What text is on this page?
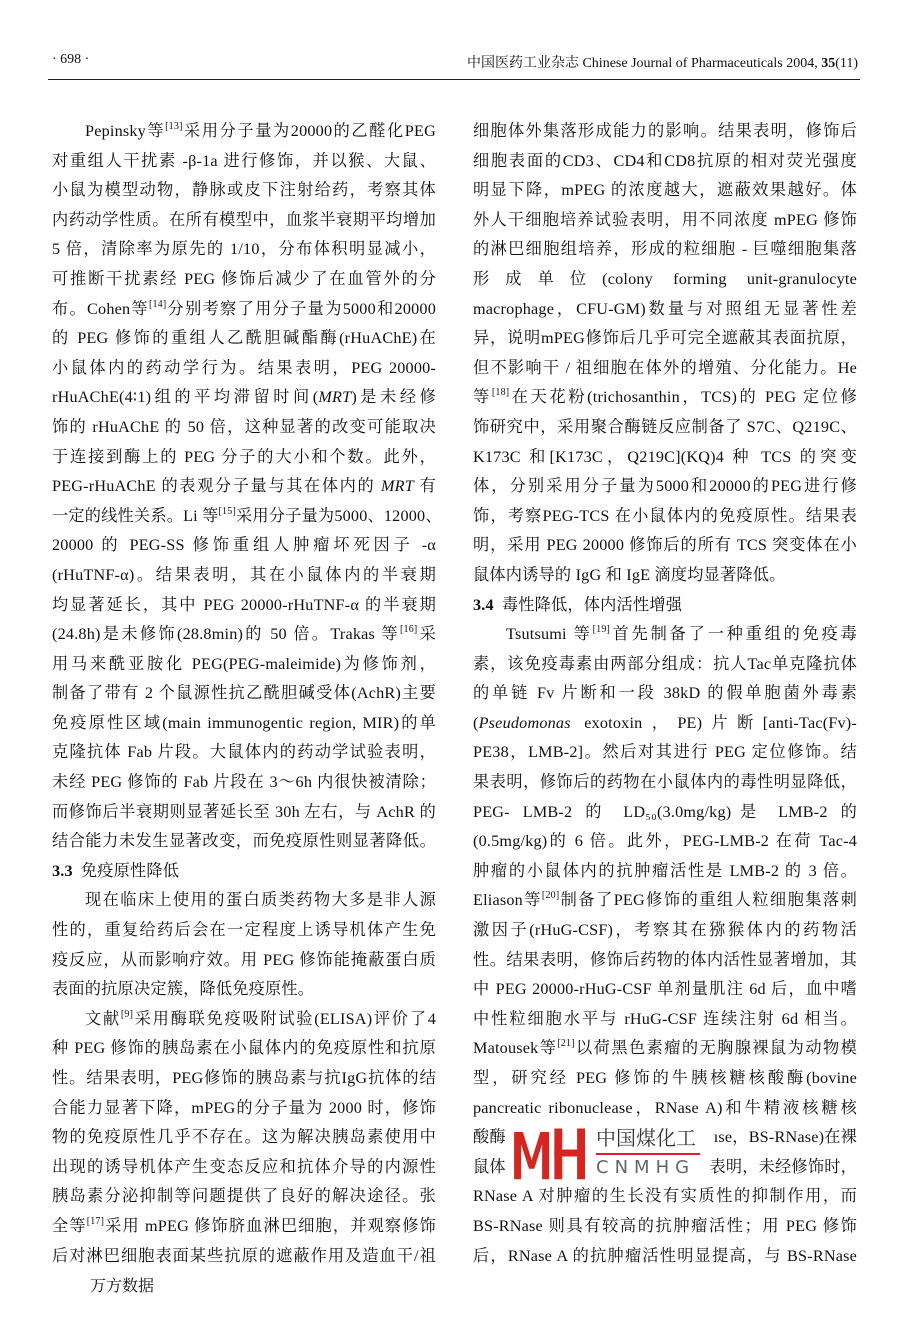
· 698 ·	中国医药工业杂志 Chinese Journal of Pharmaceuticals 2004, 35(11)
Pepinsky等[13]采用分子量为20000的乙醛化PEG
对重组人干扰素 -β-1a 进行修饰，并以猴、大鼠、
小鼠为模型动物，静脉或皮下注射给药，考察其体
内药动学性质。在所有模型中，血浆半衰期平均增加
5 倍，清除率为原先的 1/10，分布体积明显减小，
可推断干扰素经 PEG 修饰后减少了在血管外的分
布。Cohen等[14]分别考察了用分子量为5000和20000
的 PEG 修饰的重组人乙酰胆碱酯酶(rHuAChE)在
小鼠体内的药动学行为。结果表明，PEG 20000-
rHuAChE(4∶1)组的平均滞留时间(MRT)是未经修
饰的 rHuAChE 的 50 倍，这种显著的改变可能取决
于连接到酶上的 PEG 分子的大小和个数。此外，
PEG-rHuAChE 的表观分子量与其在体内的 MRT 有
一定的线性关系。Li 等[15]采用分子量为5000、12000、
20000 的 PEG-SS 修饰重组人肿瘤坏死因子 -α
(rHuTNF-α)。结果表明，其在小鼠体内的半衰期
均显著延长，其中 PEG 20000-rHuTNF-α 的半衰期
(24.8h)是未修饰(28.8min)的 50 倍。Trakas 等[16]采
用马来酰亚胺化 PEG(PEG-maleimide)为修饰剂，
制备了带有 2 个鼠源性抗乙酰胆碱受体(AchR)主要
免疫原性区域(main immunogentic region, MIR)的单
克隆抗体 Fab 片段。大鼠体内的药动学试验表明，
未经 PEG 修饰的 Fab 片段在 3～6h 内很快被清除；
而修饰后半衰期则显著延长至 30h 左右，与 AchR 的
结合能力未发生显著改变，而免疫原性则显著降低。
3.3 免疫原性降低
现在临床上使用的蛋白质类药物大多是非人源
性的，重复给药后会在一定程度上诱导机体产生免
疫反应，从而影响疗效。用 PEG 修饰能掩蔽蛋白质
表面的抗原决定簇，降低免疫原性。
文献[9]采用酶联免疫吸附试验(ELISA)评价了4
种 PEG 修饰的胰岛素在小鼠体内的免疫原性和抗原
性。结果表明，PEG修饰的胰岛素与抗IgG抗体的结
合能力显著下降，mPEG的分子量为 2000 时，修饰
物的免疫原性几乎不存在。这为解决胰岛素使用中
出现的诱导机体产生变态反应和抗体介导的内源性
胰岛素分泌抑制等问题提供了良好的解决途径。张
全等[17]采用 mPEG 修饰脐血淋巴细胞，并观察修饰
后对淋巴细胞表面某些抗原的遮蔽作用及造血干/祖
细胞体外集落形成能力的影响。结果表明，修饰后
细胞表面的CD3、CD4和CD8抗原的相对荧光强度
明显下降，mPEG 的浓度越大，遮蔽效果越好。体
外人干细胞培养试验表明，用不同浓度 mPEG 修饰
的淋巴细胞组培养，形成的粒细胞 - 巨噬细胞集落
形成单位(colony forming unit-granulocyte
macrophage，CFU-GM)数量与对照组无显著性差
异，说明mPEG修饰后几乎可完全遮蔽其表面抗原，
但不影响干 / 祖细胞在体外的增殖、分化能力。He
等[18]在天花粉(trichosanthin，TCS)的 PEG 定位修
饰研究中，采用聚合酶链反应制备了 S7C、Q219C、
K173C 和[K173C，Q219C](KQ)4 种 TCS 的突变
体，分别采用分子量为5000和20000的PEG进行修
饰，考察PEG-TCS 在小鼠体内的免疫原性。结果表
明，采用 PEG 20000 修饰后的所有 TCS 突变体在小
鼠体内诱导的 IgG 和 IgE 滴度均显著降低。
3.4 毒性降低，体内活性增强
Tsutsumi 等[19]首先制备了一种重组的免疫毒
素，该免疫毒素由两部分组成：抗人Tac单克隆抗体
的单链 Fv 片断和一段 38kD 的假单胞菌外毒素
(Pseudomonas exotoxin，PE)片断[anti-Tac(Fv)-
PE38，LMB-2]。然后对其进行 PEG 定位修饰。结
果表明，修饰后的药物在小鼠体内的毒性明显降低，
PEG- LMB-2 的 LD₅₀(3.0mg/kg)是 LMB-2 的
(0.5mg/kg)的 6 倍。此外，PEG-LMB-2 在荷 Tac-4
肿瘤的小鼠体内的抗肿瘤活性是 LMB-2 的 3 倍。
Eliason等[20]制备了PEG修饰的重组人粒细胞集落刺
激因子(rHuG-CSF)，考察其在猕猴体内的药物活
性。结果表明，修饰后药物的体内活性显著增加，其
中 PEG 20000-rHuG-CSF 单剂量肌注 6d 后，血中嗜
中性粒细胞水平与 rHuG-CSF 连续注射 6d 相当。
Matousek等[21]以荷黑色素瘤的无胸腺裸鼠为动物模
型，研究经 PEG 修饰的牛胰核糖核酸酶(bovine
pancreatic ribonuclease，RNase A)和牛精液核糖核
酸酶	ıse，BS-RNase)在裸
鼠体	表明，未经修饰时，
RNase A 对肿瘤的生长没有实质性的抑制作用，而
BS-RNase 则具有较高的抗肿瘤活性；用 PEG 修饰
后，RNase A 的抗肿瘤活性明显提高，与 BS-RNase
中国煤化工
CNMHG
万方数据
